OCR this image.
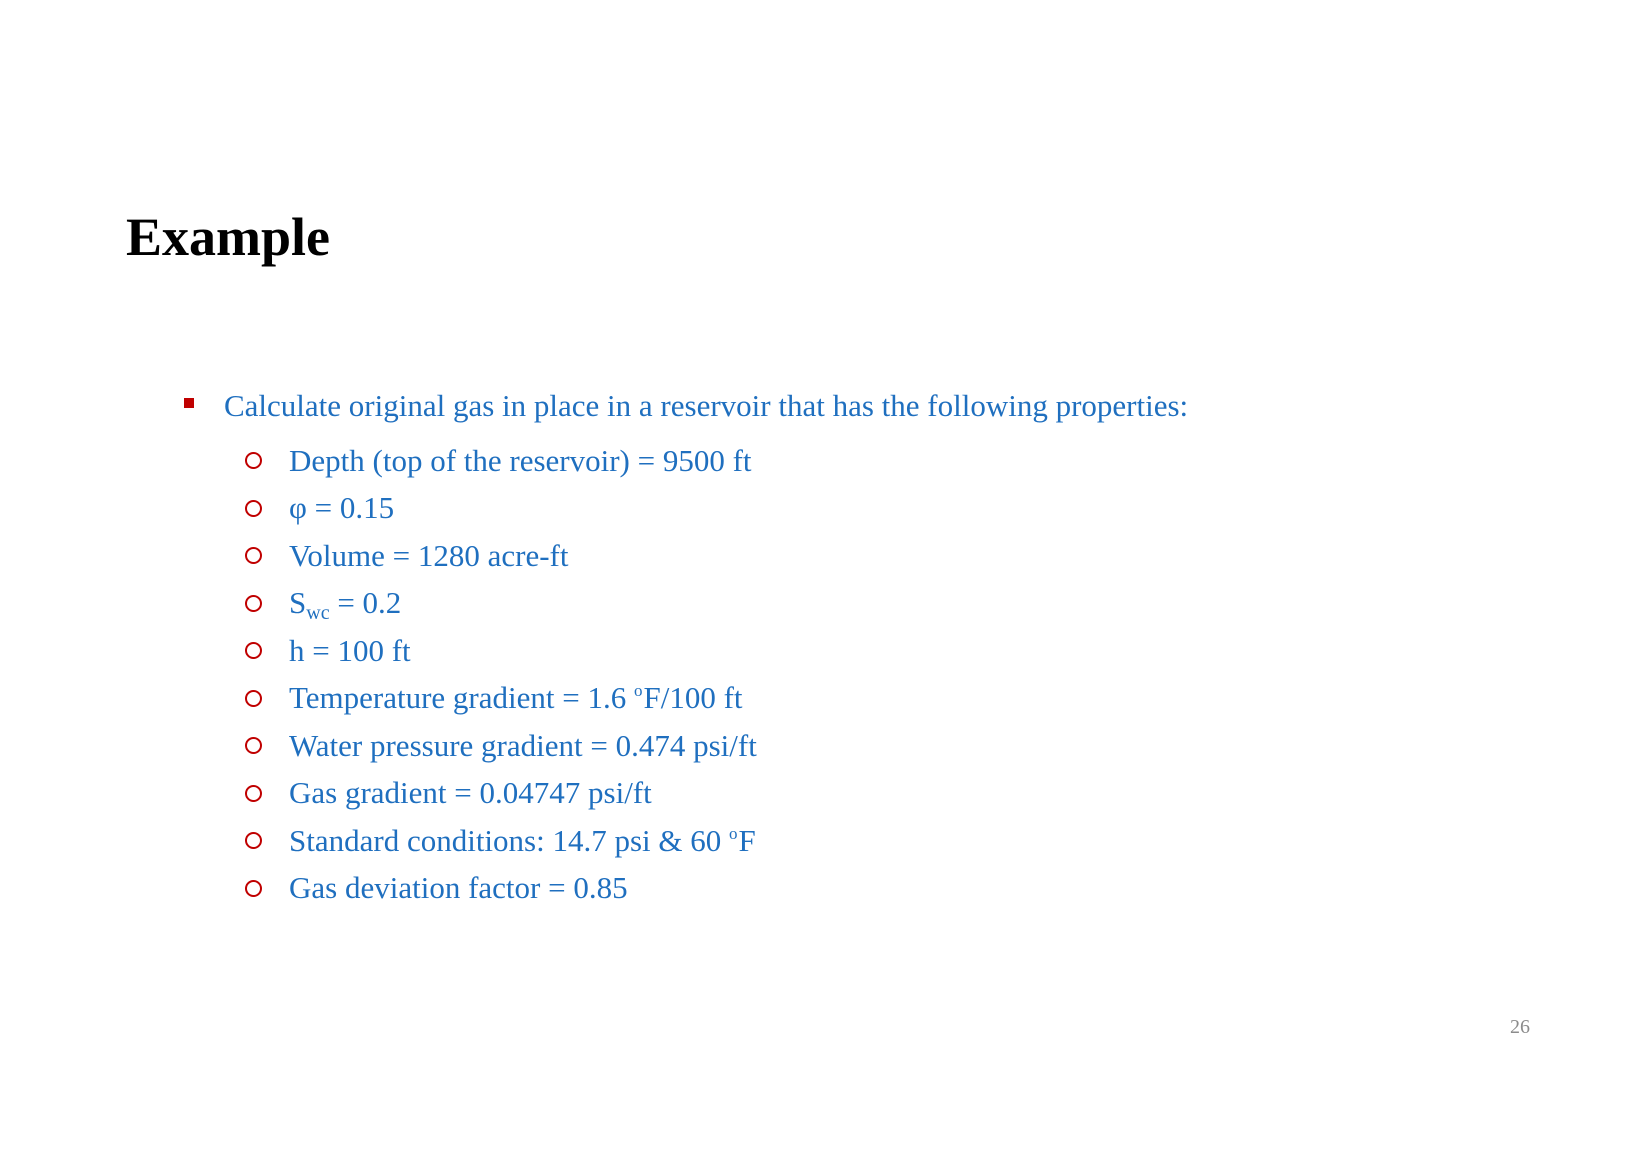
Example
Calculate original gas in place in a reservoir that has the following properties:
Depth (top of the reservoir) = 9500 ft
φ = 0.15
Volume = 1280 acre-ft
$S_{wc} = 0.2$
h = 100 ft
Temperature gradient = 1.6 $^o$F/100 ft
Water pressure gradient = 0.474 psi/ft
Gas gradient = 0.04747 psi/ft
Standard conditions: 14.7 psi & 60 $^o$F
Gas deviation factor = 0.85
26
